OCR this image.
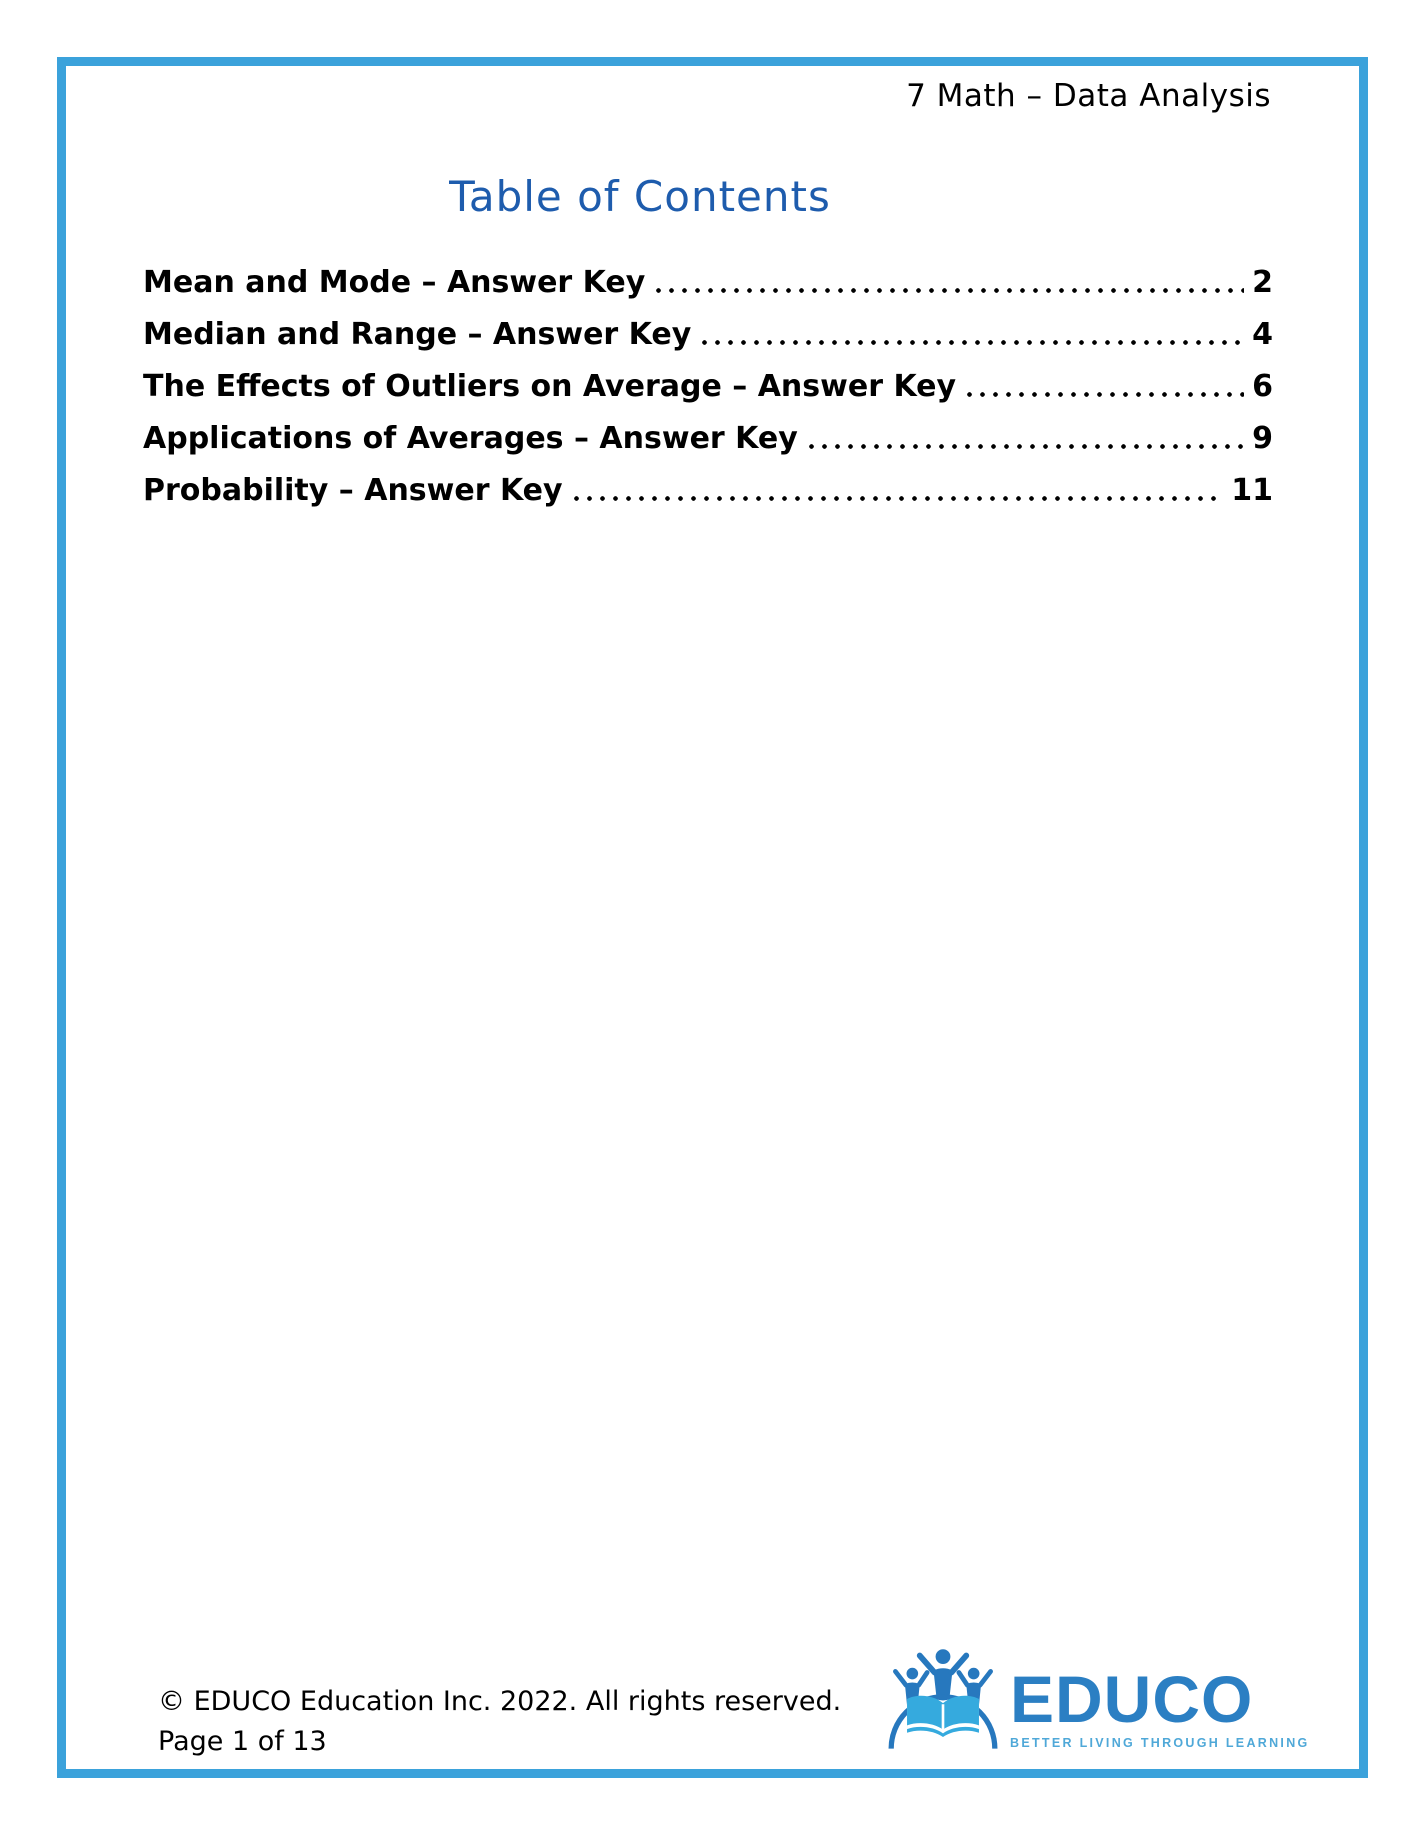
7 Math – Data Analysis
Table of Contents
Mean and Mode – Answer Key	2
Median and Range – Answer Key	4
The Effects of Outliers on Average – Answer Key	6
Applications of Averages – Answer Key	9
Probability – Answer Key	11
© EDUCO Education Inc. 2022. All rights reserved.
Page 1 of 13
EDUCO
BETTER LIVING THROUGH LEARNING
